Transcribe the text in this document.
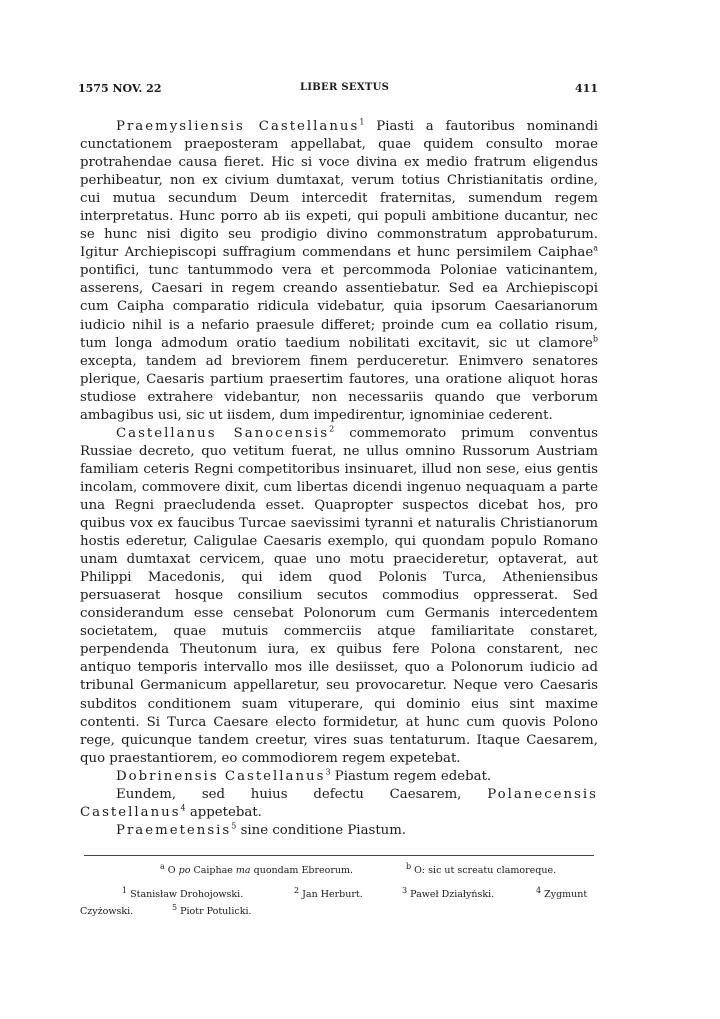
1575 NOV. 22	LIBER SEXTUS	411

Praemysliensis Castellanus$^1$ Piasti a fautoribus nominandi cunctationem praeposteram appellabat, quae quidem consulto morae protrahendae causa fieret. Hic si voce divina ex medio fratrum eligendus perhibeatur, non ex civium dumtaxat, verum totius Christianitatis ordine, cui mutua secundum Deum intercedit fraternitas, sumendum regem interpretatus. Hunc porro ab iis expeti, qui populi ambitione ducantur, nec se hunc nisi digito seu prodigio divino commonstratum approbaturum. Igitur Archiepiscopi suffragium commendans et hunc persimilem Caiphae$^a$ pontifici, tunc tantummodo vera et percommoda Poloniae vaticinantem, asserens, Caesari in regem creando assentiebatur. Sed ea Archiepiscopi cum Caipha comparatio ridicula videbatur, quia ipsorum Caesarianorum iudicio nihil is a nefario praesule differet; proinde cum ea collatio risum, tum longa admodum oratio taedium nobilitati excitavit, sic ut clamore$^b$ excepta, tandem ad breviorem finem perduceretur. Enimvero senatores plerique, Caesaris partium praesertim fautores, una oratione aliquot horas studiose extrahere videbantur, non necessariis quando que verborum ambagibus usi, sic ut iisdem, dum impedirentur, ignominiae cederent.

Castellanus Sanocensis$^2$ commemorato primum conventus Russiae decreto, quo vetitum fuerat, ne ullus omnino Russorum Austriam familiam ceteris Regni competitoribus insinuaret, illud non sese, eius gentis incolam, commovere dixit, cum libertas dicendi ingenuo nequaquam a parte una Regni praecludenda esset. Quapropter suspectos dicebat hos, pro quibus vox ex faucibus Turcae saevissimi tyranni et naturalis Christianorum hostis ederetur, Caligulae Caesaris exemplo, qui quondam populo Romano unam dumtaxat cervicem, quae uno motu praecideretur, optaverat, aut Philippi Macedonis, qui idem quod Polonis Turca, Atheniensibus persuaserat hosque consilium secutos commodius oppresserat. Sed considerandum esse censebat Polonorum cum Germanis intercedentem societatem, quae mutuis commerciis atque familiaritate constaret, perpendenda Theutonum iura, ex quibus fere Polona constarent, nec antiquo temporis intervallo mos ille desiisset, quo a Polonorum iudicio ad tribunal Germanicum appellaretur, seu provocaretur. Neque vero Caesaris subditos conditionem suam vituperare, qui dominio eius sint maxime contenti. Si Turca Caesare electo formidetur, at hunc cum quovis Polono rege, quicunque tandem creetur, vires suas tentaturum. Itaque Caesarem, quo praestantiorem, eo commodiorem regem expetebat.

Dobrinensis Castellanus$^3$ Piastum regem edebat.

Eundem, sed huius defectu Caesarem, Polanecensis Castellanus$^4$ appetebat.

Praemetensis$^5$ sine conditione Piastum.

$^a$ O po Caiphae ma quondam Ebreorum.	$^b$ O: sic ut screatu clamoreque.
$^1$ Stanisław Drohojowski.	$^2$ Jan Herburt.	$^3$ Paweł Działyński.	$^4$ Zygmunt
Czyżowski.	$^5$ Piotr Potulicki.
